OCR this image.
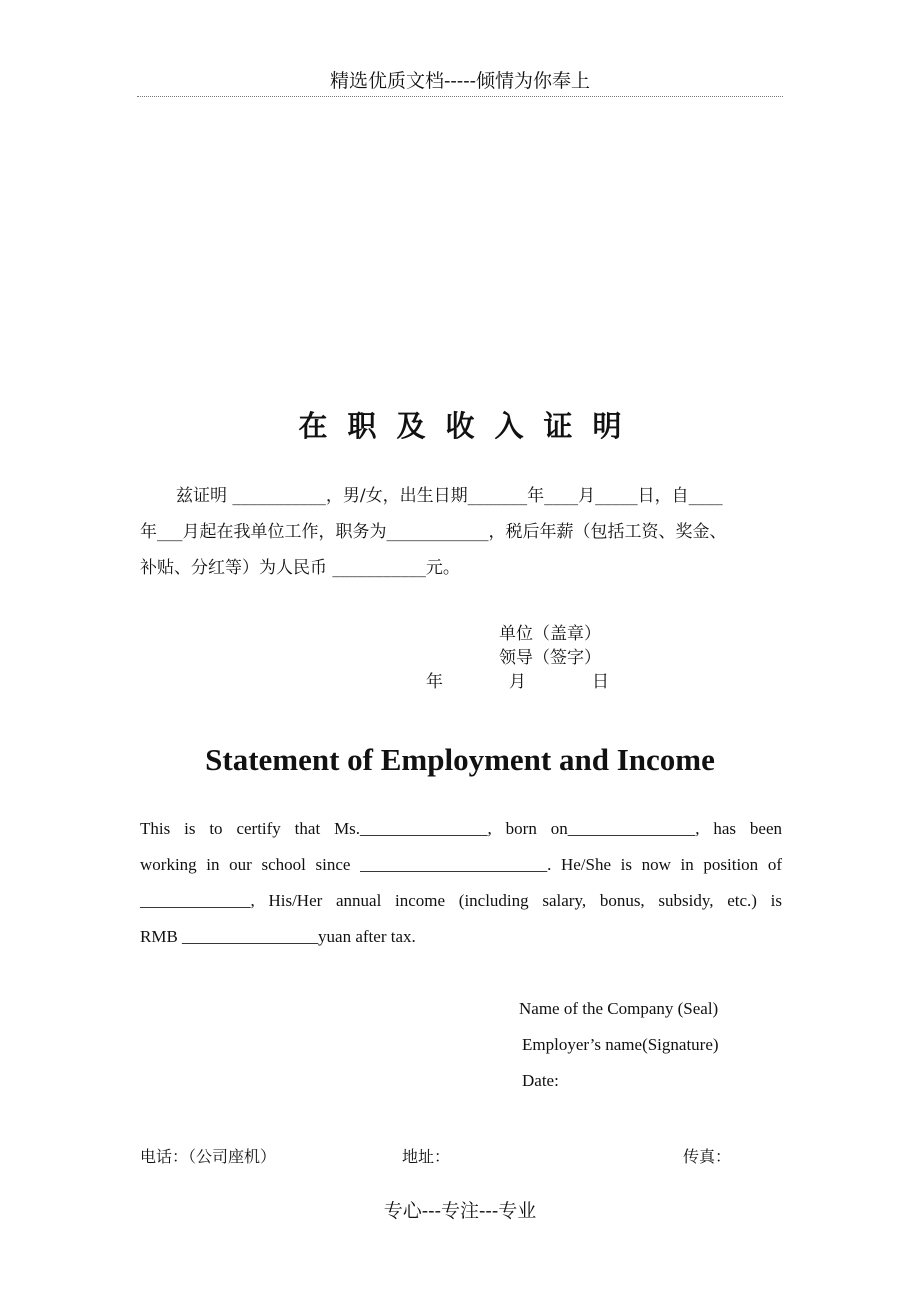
精选优质文档-----倾情为你奉上
在职及收入证明
兹证明 ___________，男/女，出生日期_______年____月_____日，自____
年___月起在我单位工作，职务为____________，税后年薪（包括工资、奖金、
补贴、分红等）为人民币 ___________元。
单位（盖章）
领导（签字）
年	月	日
Statement of Employment and Income
This is to certify that Ms._______________, born on_______________, has been
working in our school since ______________________. He/She is now in position of
_____________, His/Her annual income (including salary, bonus, subsidy, etc.) is
RMB ________________yuan after tax.
Name of the Company (Seal)
Employer’s name(Signature)
Date:
电话：（公司座机）	地址：	传真：
专心---专注---专业
